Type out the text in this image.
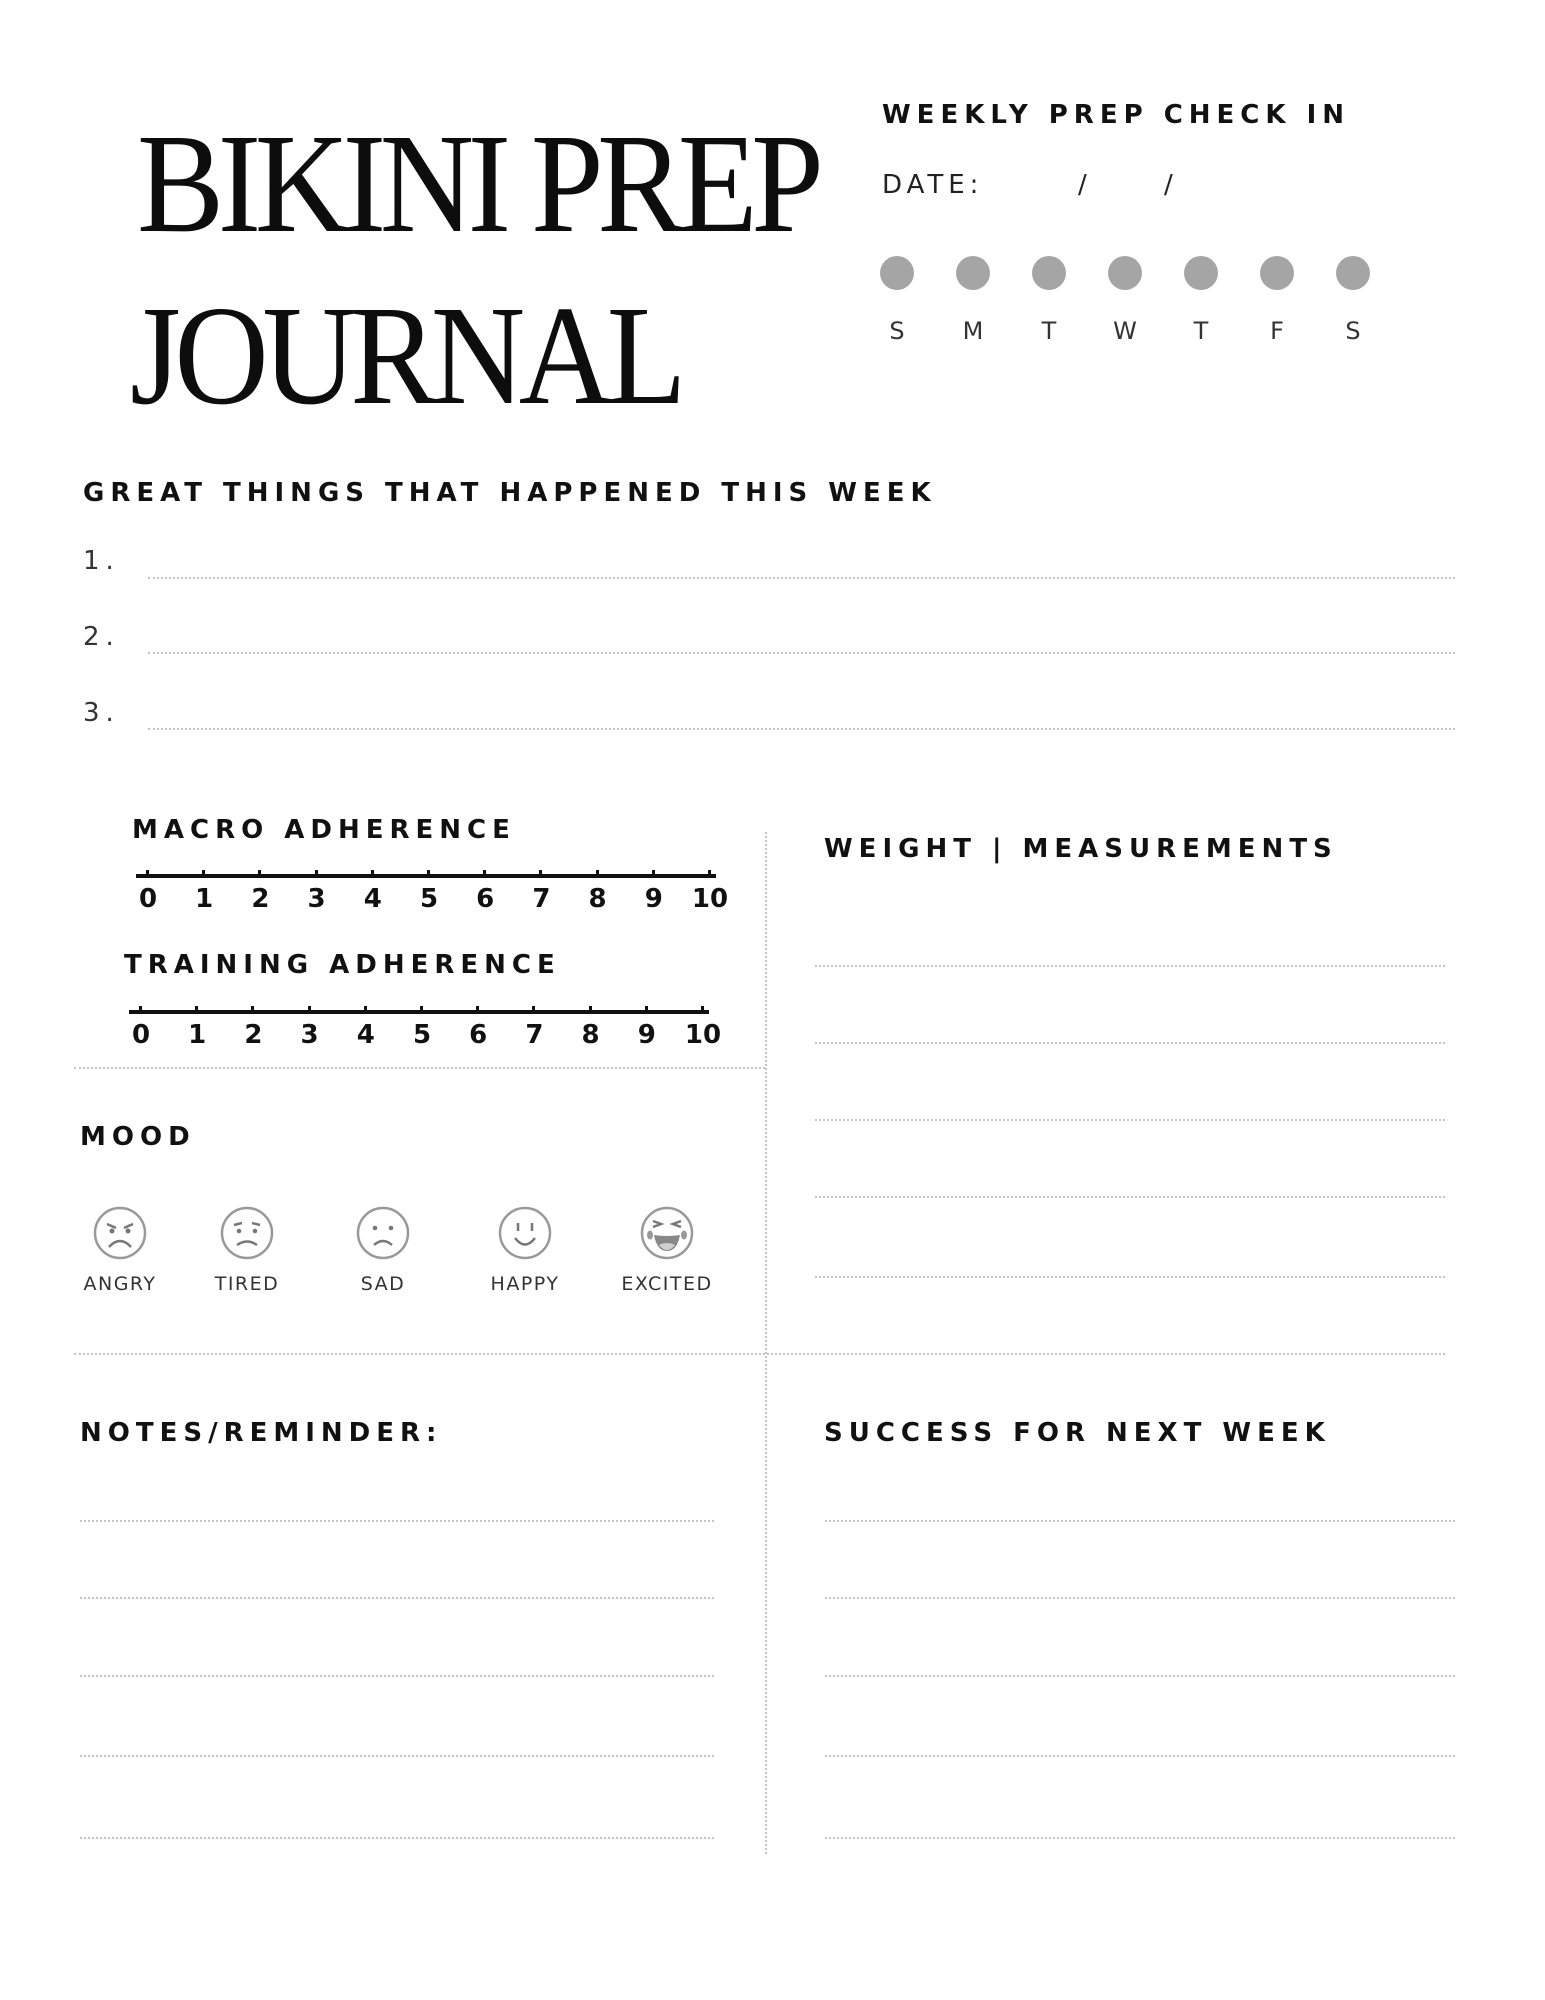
BIKINI PREP
JOURNAL
WEEKLY PREP CHECK IN
DATE:	/	/
S	M	T	W	T	F	S
GREAT THINGS THAT HAPPENED THIS WEEK
1.
2.
3.
MACRO ADHERENCE
0	1	2	3	4	5	6	7	8	9	10
TRAINING ADHERENCE
0	1	2	3	4	5	6	7	8	9	10
WEIGHT | MEASUREMENTS
MOOD
ANGRY	TIRED	SAD	HAPPY	EXCITED
NOTES/REMINDER:	SUCCESS FOR NEXT WEEK
